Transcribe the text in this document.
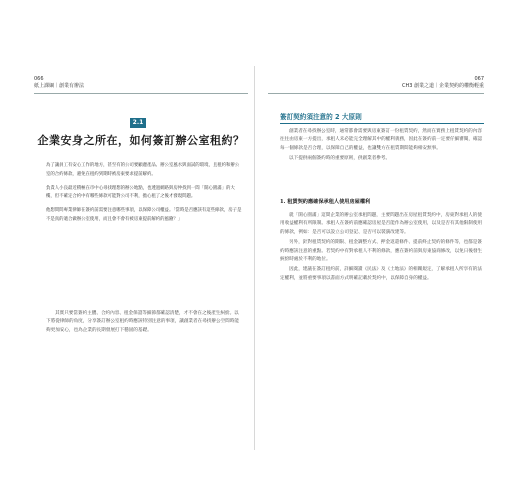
066
紙上課綱｜創業有辦法
2.1
企業安身之所在，如何簽訂辦公室租約？

為了讓員工有安心工作的地方，甚至有的公司要顧慮產品、辦公室風水與面試的環境，且租約和辦公室的合約條款，避免在租約到期時被房東要求提前解約。

負責人小良最近積極在市中心尋找理想的辦公地點，也透過網路與房仲找到一間「開心園滿」的大樓，但不確定合約中有哪些條款可能對公司不利，擔心租了之後才發現問題。

他想問問專業律師在簽約前需要注意哪些事項，以保障公司權益。「當時是否應該有這些條款，房子是不是真的適合做辦公室使用，而且會不會有被房東提前解約的風險？」

其實只要當簽約主體、合約內容、租金保證等細節都確認清楚，才不會在之後產生糾紛。以下將從律師的角度，分享簽訂辦公室租約時應該特別注意的事項，讓創業者在尋找辦公空間時能夠更加安心，也為企業的長期發展打下穩固的基礎。

067
CH3 創業之道｜企業契約的權衡輕重
簽訂契約須注意的 2 大原則

創業者在尋找辦公室時，通常都會需要與房東簽訂一份租賃契約，然而在實務上租賃契約的內容往往由房東一方提出，承租人未必能完全理解其中的權利義務，因此在簽約前一定要仔細審閱，確認每一個條款是否合理，以保障自己的權益，也讓雙方在租賃期間能夠相安無事。

以下提供兩個簽約時的重要原則，供創業者參考。

1. 租賃契約應確保承租人使用房屋權利

就「開心園滿」這間企業的辦公室承租問題，主要問題出在房屋租賃契約中，房東對承租人的使用收益權利有所限制。承租人在簽約前應確認房屋是否能作為辦公室使用，以及是否有其他限制使用的條款，例如：是否可以設立公司登記、是否可以裝潢改建等。

另外，針對租賃契約的期限、租金調整方式、押金返還條件、提前終止契約的條件等，也都是簽約時應該注意的重點。若契約中有對承租人不利的條款，應在簽約前與房東協商修改，以免日後發生糾紛時處於不利的地位。

因此，建議在簽訂租約前，詳細閱讀《民法》及《土地法》的相關規定，了解承租人所享有的法定權利，並將重要事項以書面方式明確記載於契約中，以保障自身的權益。
